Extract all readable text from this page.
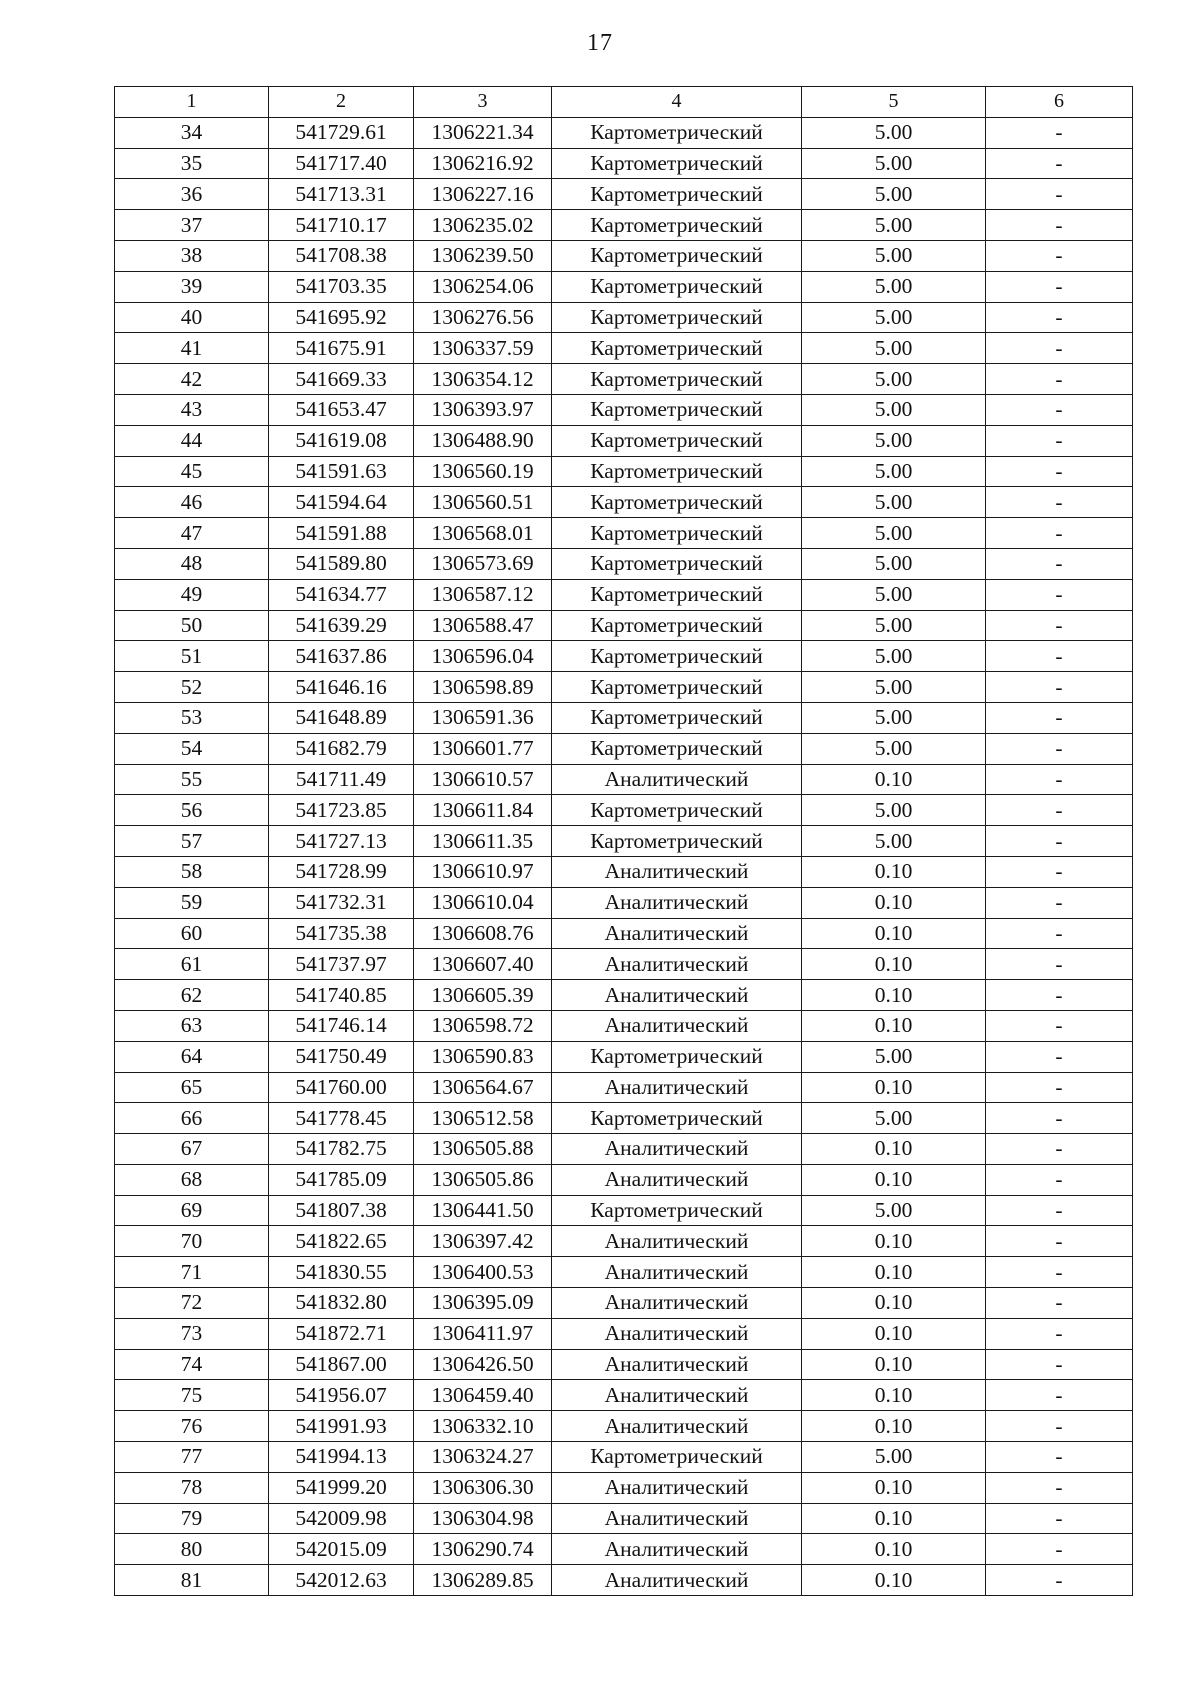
17
1	2	3	4	5	6
34	541729.61	1306221.34	Картометрический	5.00	-
35	541717.40	1306216.92	Картометрический	5.00	-
36	541713.31	1306227.16	Картометрический	5.00	-
37	541710.17	1306235.02	Картометрический	5.00	-
38	541708.38	1306239.50	Картометрический	5.00	-
39	541703.35	1306254.06	Картометрический	5.00	-
40	541695.92	1306276.56	Картометрический	5.00	-
41	541675.91	1306337.59	Картометрический	5.00	-
42	541669.33	1306354.12	Картометрический	5.00	-
43	541653.47	1306393.97	Картометрический	5.00	-
44	541619.08	1306488.90	Картометрический	5.00	-
45	541591.63	1306560.19	Картометрический	5.00	-
46	541594.64	1306560.51	Картометрический	5.00	-
47	541591.88	1306568.01	Картометрический	5.00	-
48	541589.80	1306573.69	Картометрический	5.00	-
49	541634.77	1306587.12	Картометрический	5.00	-
50	541639.29	1306588.47	Картометрический	5.00	-
51	541637.86	1306596.04	Картометрический	5.00	-
52	541646.16	1306598.89	Картометрический	5.00	-
53	541648.89	1306591.36	Картометрический	5.00	-
54	541682.79	1306601.77	Картометрический	5.00	-
55	541711.49	1306610.57	Аналитический	0.10	-
56	541723.85	1306611.84	Картометрический	5.00	-
57	541727.13	1306611.35	Картометрический	5.00	-
58	541728.99	1306610.97	Аналитический	0.10	-
59	541732.31	1306610.04	Аналитический	0.10	-
60	541735.38	1306608.76	Аналитический	0.10	-
61	541737.97	1306607.40	Аналитический	0.10	-
62	541740.85	1306605.39	Аналитический	0.10	-
63	541746.14	1306598.72	Аналитический	0.10	-
64	541750.49	1306590.83	Картометрический	5.00	-
65	541760.00	1306564.67	Аналитический	0.10	-
66	541778.45	1306512.58	Картометрический	5.00	-
67	541782.75	1306505.88	Аналитический	0.10	-
68	541785.09	1306505.86	Аналитический	0.10	-
69	541807.38	1306441.50	Картометрический	5.00	-
70	541822.65	1306397.42	Аналитический	0.10	-
71	541830.55	1306400.53	Аналитический	0.10	-
72	541832.80	1306395.09	Аналитический	0.10	-
73	541872.71	1306411.97	Аналитический	0.10	-
74	541867.00	1306426.50	Аналитический	0.10	-
75	541956.07	1306459.40	Аналитический	0.10	-
76	541991.93	1306332.10	Аналитический	0.10	-
77	541994.13	1306324.27	Картометрический	5.00	-
78	541999.20	1306306.30	Аналитический	0.10	-
79	542009.98	1306304.98	Аналитический	0.10	-
80	542015.09	1306290.74	Аналитический	0.10	-
81	542012.63	1306289.85	Аналитический	0.10	-
